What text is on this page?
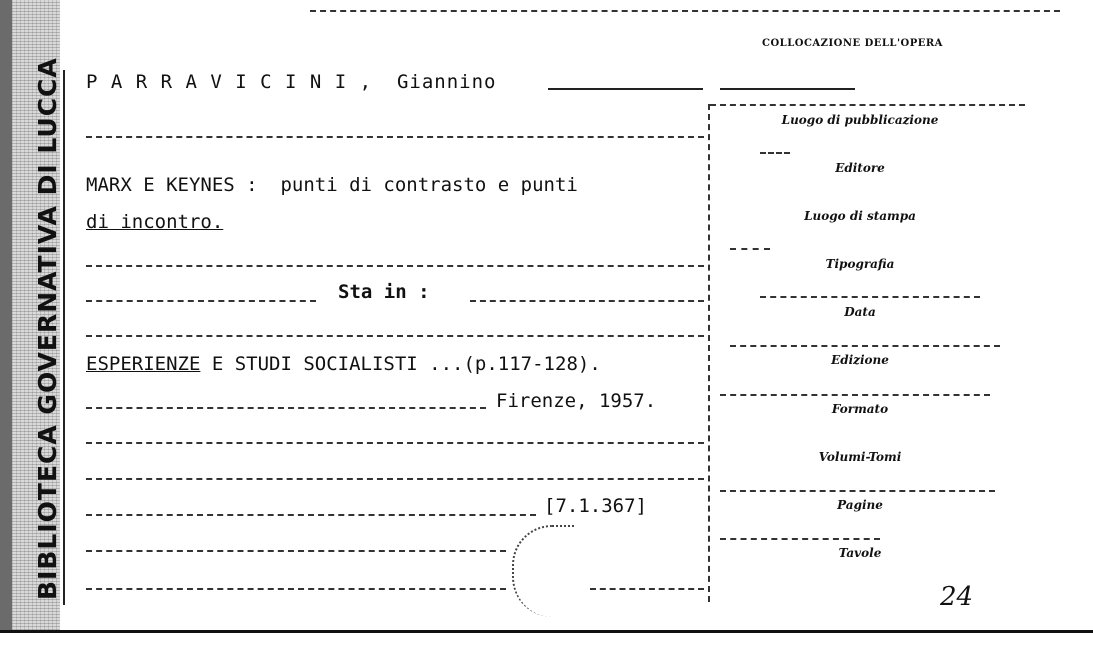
BIBLIOTECA GOVERNATIVA DI LUCCA P A R R A V I C I N I ,  Giannino
MARX E KEYNES :  punti di contrasto e punti
di incontro.
Sta in :
ESPERIENZE E STUDI SOCIALISTI ...(p.117-128).
Firenze, 1957.
[7.1.367]
COLLOCAZIONE DELL'OPERA
Luogo di pubblicazione
Editore
Luogo di stampa
Tipografia
Data
Edizione
Formato
Volumi-Tomi
Pagine
Tavole
24
